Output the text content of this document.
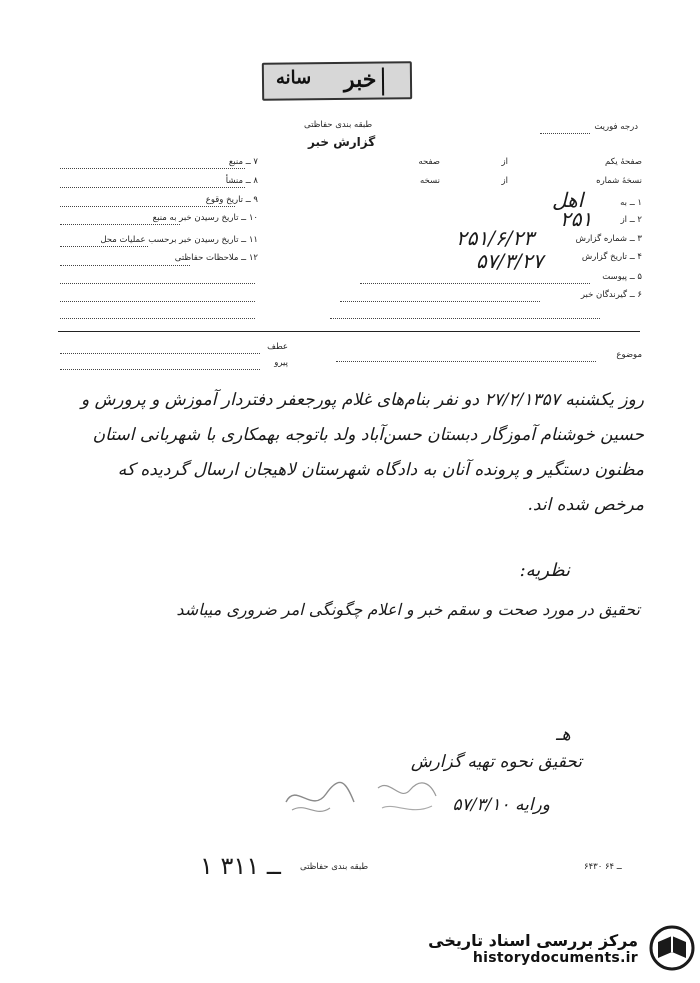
خبر
سانه
طبقه بندی حفاظتی
گزارش خبر
درجه فوریت
۷ ــ منبع
۸ ــ منشأ
۹ ــ تاریخ وقوع
۱۰ ــ تاریخ رسیدن خبر به منبع
۱۱ ــ تاریخ رسیدن خبر برحسب عملیات محل
۱۲ ــ ملاحظات حفاظتی
صفحهٔ یکم
از
صفحه
نسخهٔ شماره
از
نسخه
۱ ــ به
اهل
۲ ــ از
۲۵۱
۳ ــ شماره گزارش
۲۵۱/۶/۲۳
۴ ــ تاریخ گزارش
۵۷/۳/۲۷
۵ ــ پیوست
۶ ــ گیرندگان خبر
موضوع
عطف
پیرو
روز یکشنبه ۲۷/۲/۱۳۵۷ دو نفر بنام‌های غلام پورجعفر دفتردار آموزش و پرورش و
حسین خوشنام آموزگار دبستان حسن‌آباد ولد باتوجه بهمکاری با شهربانی استان
مظنون دستگیر و پرونده آنان به دادگاه شهرستان لاهیجان ارسال گردیده که
مرخص شده اند.
نظریه:
تحقیق در مورد صحت و سقم خبر و اعلام چگونگی امر ضروری میباشد
هـ
تحقیق نحوه تهیه گزارش
ورایه ۵۷/۳/۱۰
۱ ــ ۳۱۱ طبقه بندی حفاظتی	۶۴۳۰ ــ ۶۴
مرکز بررسی اسناد تاریخی
historydocuments.ir
